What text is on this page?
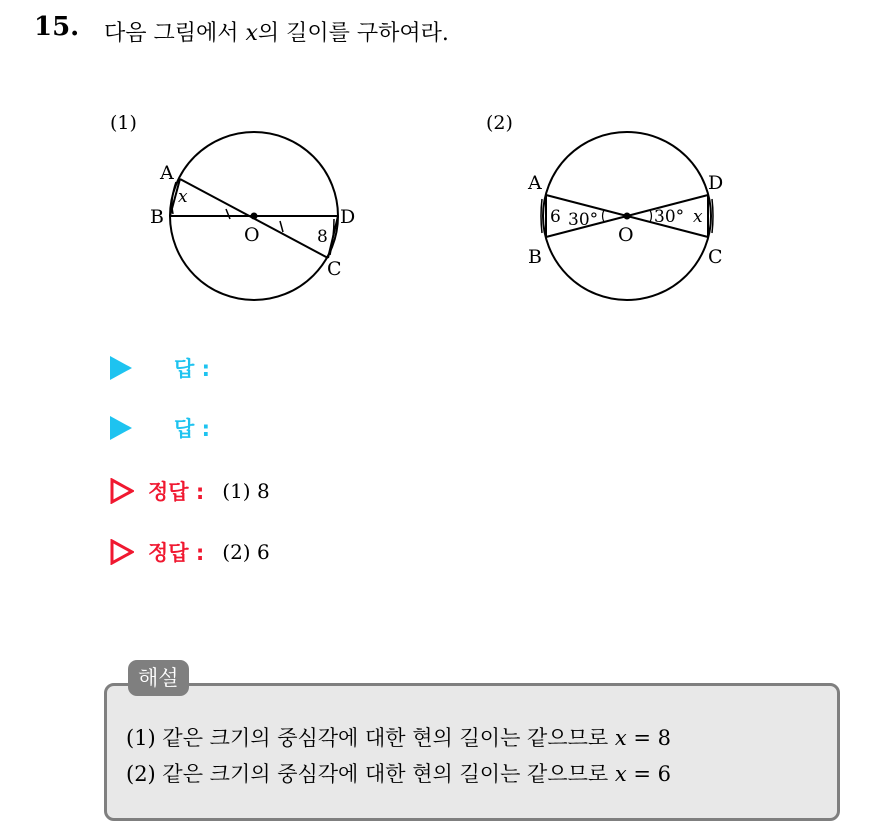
15. 다음 그림에서 x의 길이를 구하여라.
(1)	(2)
A
B
O
D
C
x
8
A
B
O
D
C
6 30°	30° x
답 :
답 :
정답 : (1) 8
정답 : (2) 6
해설
(1) 같은 크기의 중심각에 대한 현의 길이는 같으므로 x = 8
(2) 같은 크기의 중심각에 대한 현의 길이는 같으므로 x = 6
